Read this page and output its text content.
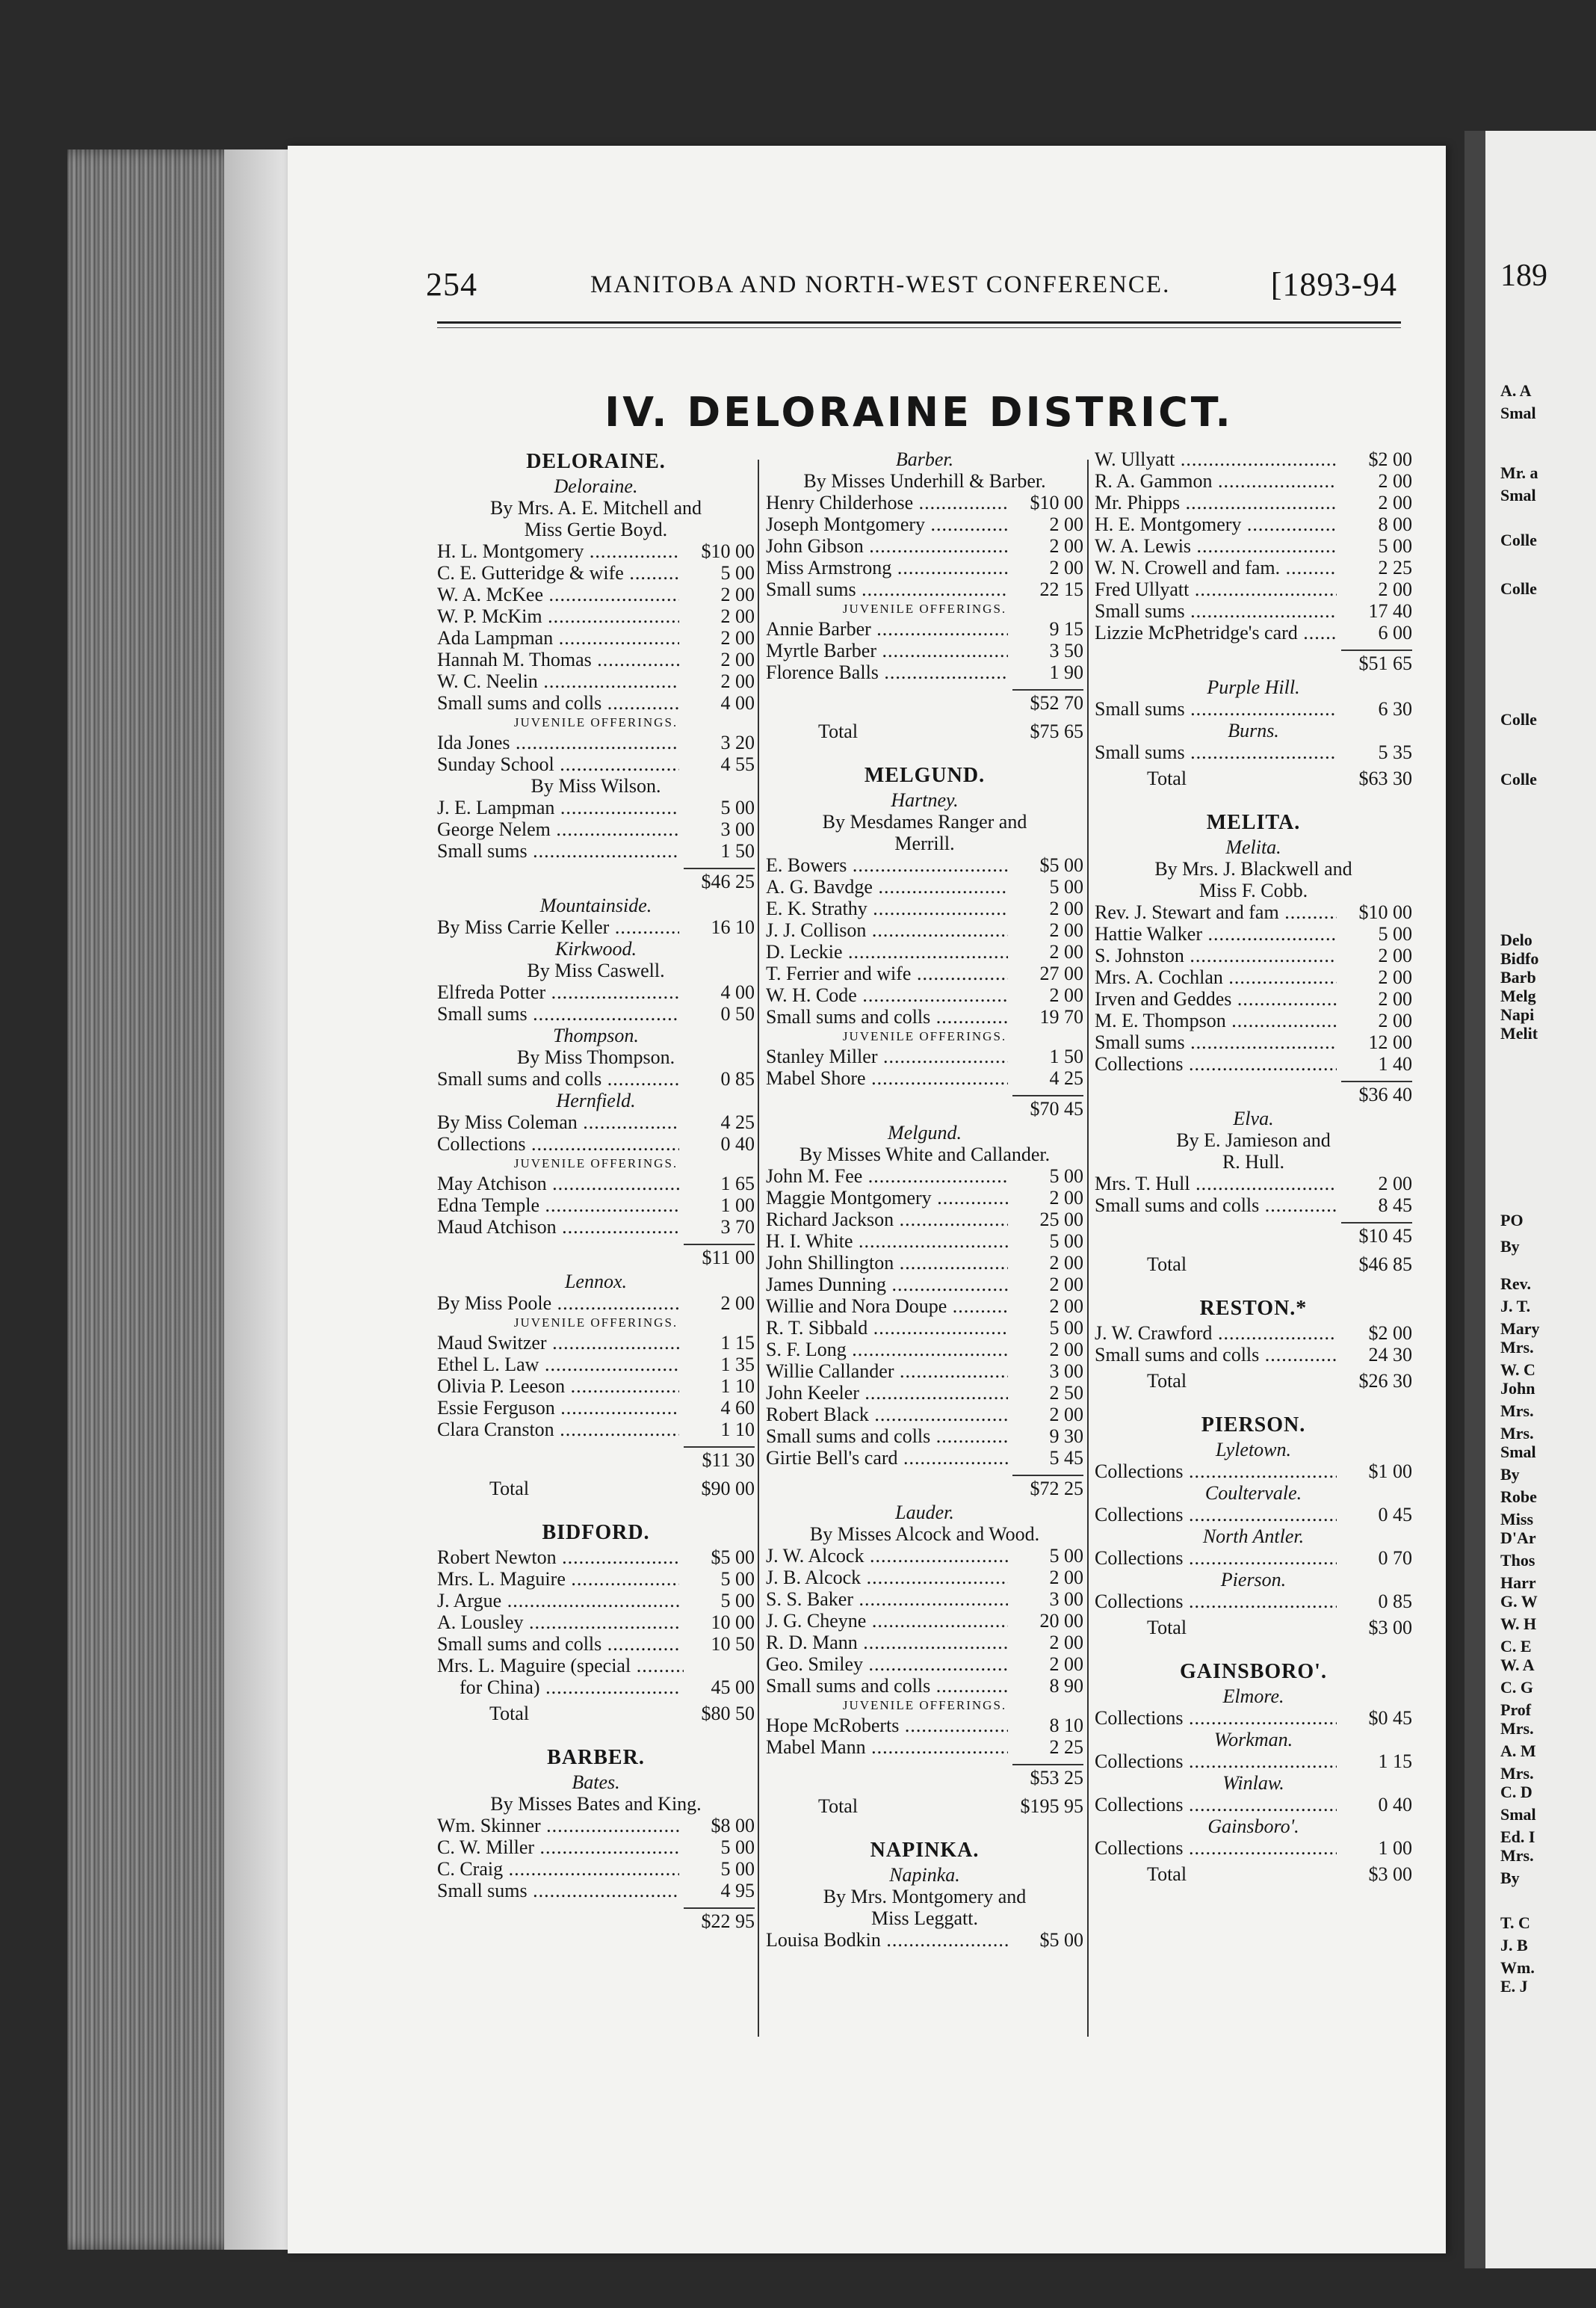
189
A. A
Smal
Mr. a
Smal
Colle
Colle
Colle
Colle
Delo
Bidfo
Barb
Melg
Napi
Melit
PO
By
Rev.
J. T.
Mary
Mrs.
W. C
John
Mrs.
Mrs.
Smal
By
Robe
Miss
D'Ar
Thos
Harr
G. W
W. H
C. E
W. A
C. G
Prof
Mrs.
A. M
Mrs.
C. D
Smal
Ed. I
Mrs.
By
T. C
J. B
Wm.
E. J
254	MANITOBA AND NORTH-WEST CONFERENCE.	[1893-94
IV. DELORAINE DISTRICT.
DELORAINE.
Deloraine.
By Mrs. A. E. Mitchell and
Miss Gertie Boyd.
H. L. Montgomery .....	$10 00
C. E. Gutteridge & wife .....	5 00
W. A. McKee .....	2 00
W. P. McKim .....	2 00
Ada Lampman .....	2 00
Hannah M. Thomas .....	2 00
W. C. Neelin .....	2 00
Small sums and colls .....	4 00
JUVENILE OFFERINGS.
Ida Jones .....	3 20
Sunday School .....	4 55
By Miss Wilson.
J. E. Lampman .....	5 00
George Nelem .....	3 00
Small sums .....	1 50
$46 25
Mountainside.
By Miss Carrie Keller .....	16 10
Kirkwood.
By Miss Caswell.
Elfreda Potter .....	4 00
Small sums .....	0 50
Thompson.
By Miss Thompson.
Small sums and colls .....	0 85
Hernfield.
By Miss Coleman .....	4 25
Collections .....	0 40
JUVENILE OFFERINGS.
May Atchison .....	1 65
Edna Temple .....	1 00
Maud Atchison .....	3 70
$11 00
Lennox.
By Miss Poole .....	2 00
JUVENILE OFFERINGS.
Maud Switzer .....	1 15
Ethel L. Law .....	1 35
Olivia P. Leeson .....	1 10
Essie Ferguson .....	4 60
Clara Cranston .....	1 10
$11 30
Total	$90 00
BIDFORD.
Robert Newton .....	$5 00
Mrs. L. Maguire .....	5 00
J. Argue .....	5 00
A. Lousley .....	10 00
Small sums and colls .....	10 50
Mrs. L. Maguire (special .....
for China) .....	45 00
Total	$80 50
BARBER.
Bates.
By Misses Bates and King.
Wm. Skinner .....	$8 00
C. W. Miller .....	5 00
C. Craig .....	5 00
Small sums .....	4 95
$22 95
Barber.
By Misses Underhill & Barber.
Henry Childerhose .....	$10 00
Joseph Montgomery .....	2 00
John Gibson .....	2 00
Miss Armstrong .....	2 00
Small sums .....	22 15
JUVENILE OFFERINGS.
Annie Barber .....	9 15
Myrtle Barber .....	3 50
Florence Balls .....	1 90
$52 70
Total	$75 65
MELGUND.
Hartney.
By Mesdames Ranger and
Merrill.
E. Bowers .....	$5 00
A. G. Bavdge .....	5 00
E. K. Strathy .....	2 00
J. J. Collison .....	2 00
D. Leckie .....	2 00
T. Ferrier and wife .....	27 00
W. H. Code .....	2 00
Small sums and colls .....	19 70
JUVENILE OFFERINGS.
Stanley Miller .....	1 50
Mabel Shore .....	4 25
$70 45
Melgund.
By Misses White and Callander.
John M. Fee .....	5 00
Maggie Montgomery .....	2 00
Richard Jackson .....	25 00
H. I. White .....	5 00
John Shillington .....	2 00
James Dunning .....	2 00
Willie and Nora Doupe .....	2 00
R. T. Sibbald .....	5 00
S. F. Long .....	2 00
Willie Callander .....	3 00
John Keeler .....	2 50
Robert Black .....	2 00
Small sums and colls .....	9 30
Girtie Bell's card .....	5 45
$72 25
Lauder.
By Misses Alcock and Wood.
J. W. Alcock .....	5 00
J. B. Alcock .....	2 00
S. S. Baker .....	3 00
J. G. Cheyne .....	20 00
R. D. Mann .....	2 00
Geo. Smiley .....	2 00
Small sums and colls .....	8 90
JUVENILE OFFERINGS.
Hope McRoberts .....	8 10
Mabel Mann .....	2 25
$53 25
Total	$195 95
NAPINKA.
Napinka.
By Mrs. Montgomery and
Miss Leggatt.
Louisa Bodkin .....	$5 00
W. Ullyatt .....	$2 00
R. A. Gammon .....	2 00
Mr. Phipps .....	2 00
H. E. Montgomery .....	8 00
W. A. Lewis .....	5 00
W. N. Crowell and fam. .....	2 25
Fred Ullyatt .....	2 00
Small sums .....	17 40
Lizzie McPhetridge's card .....	6 00
$51 65
Purple Hill.
Small sums .....	6 30
Burns.
Small sums .....	5 35
Total	$63 30
MELITA.
Melita.
By Mrs. J. Blackwell and
Miss F. Cobb.
Rev. J. Stewart and fam .....	$10 00
Hattie Walker .....	5 00
S. Johnston .....	2 00
Mrs. A. Cochlan .....	2 00
Irven and Geddes .....	2 00
M. E. Thompson .....	2 00
Small sums .....	12 00
Collections .....	1 40
$36 40
Elva.
By E. Jamieson and
R. Hull.
Mrs. T. Hull .....	2 00
Small sums and colls .....	8 45
$10 45
Total	$46 85
RESTON.*
J. W. Crawford .....	$2 00
Small sums and colls .....	24 30
Total	$26 30
PIERSON.
Lyletown.
Collections .....	$1 00
Coultervale.
Collections .....	0 45
North Antler.
Collections .....	0 70
Pierson.
Collections .....	0 85
Total	$3 00
GAINSBORO'.
Elmore.
Collections .....	$0 45
Workman.
Collections .....	1 15
Winlaw.
Collections .....	0 40
Gainsboro'.
Collections .....	1 00
Total	$3 00
